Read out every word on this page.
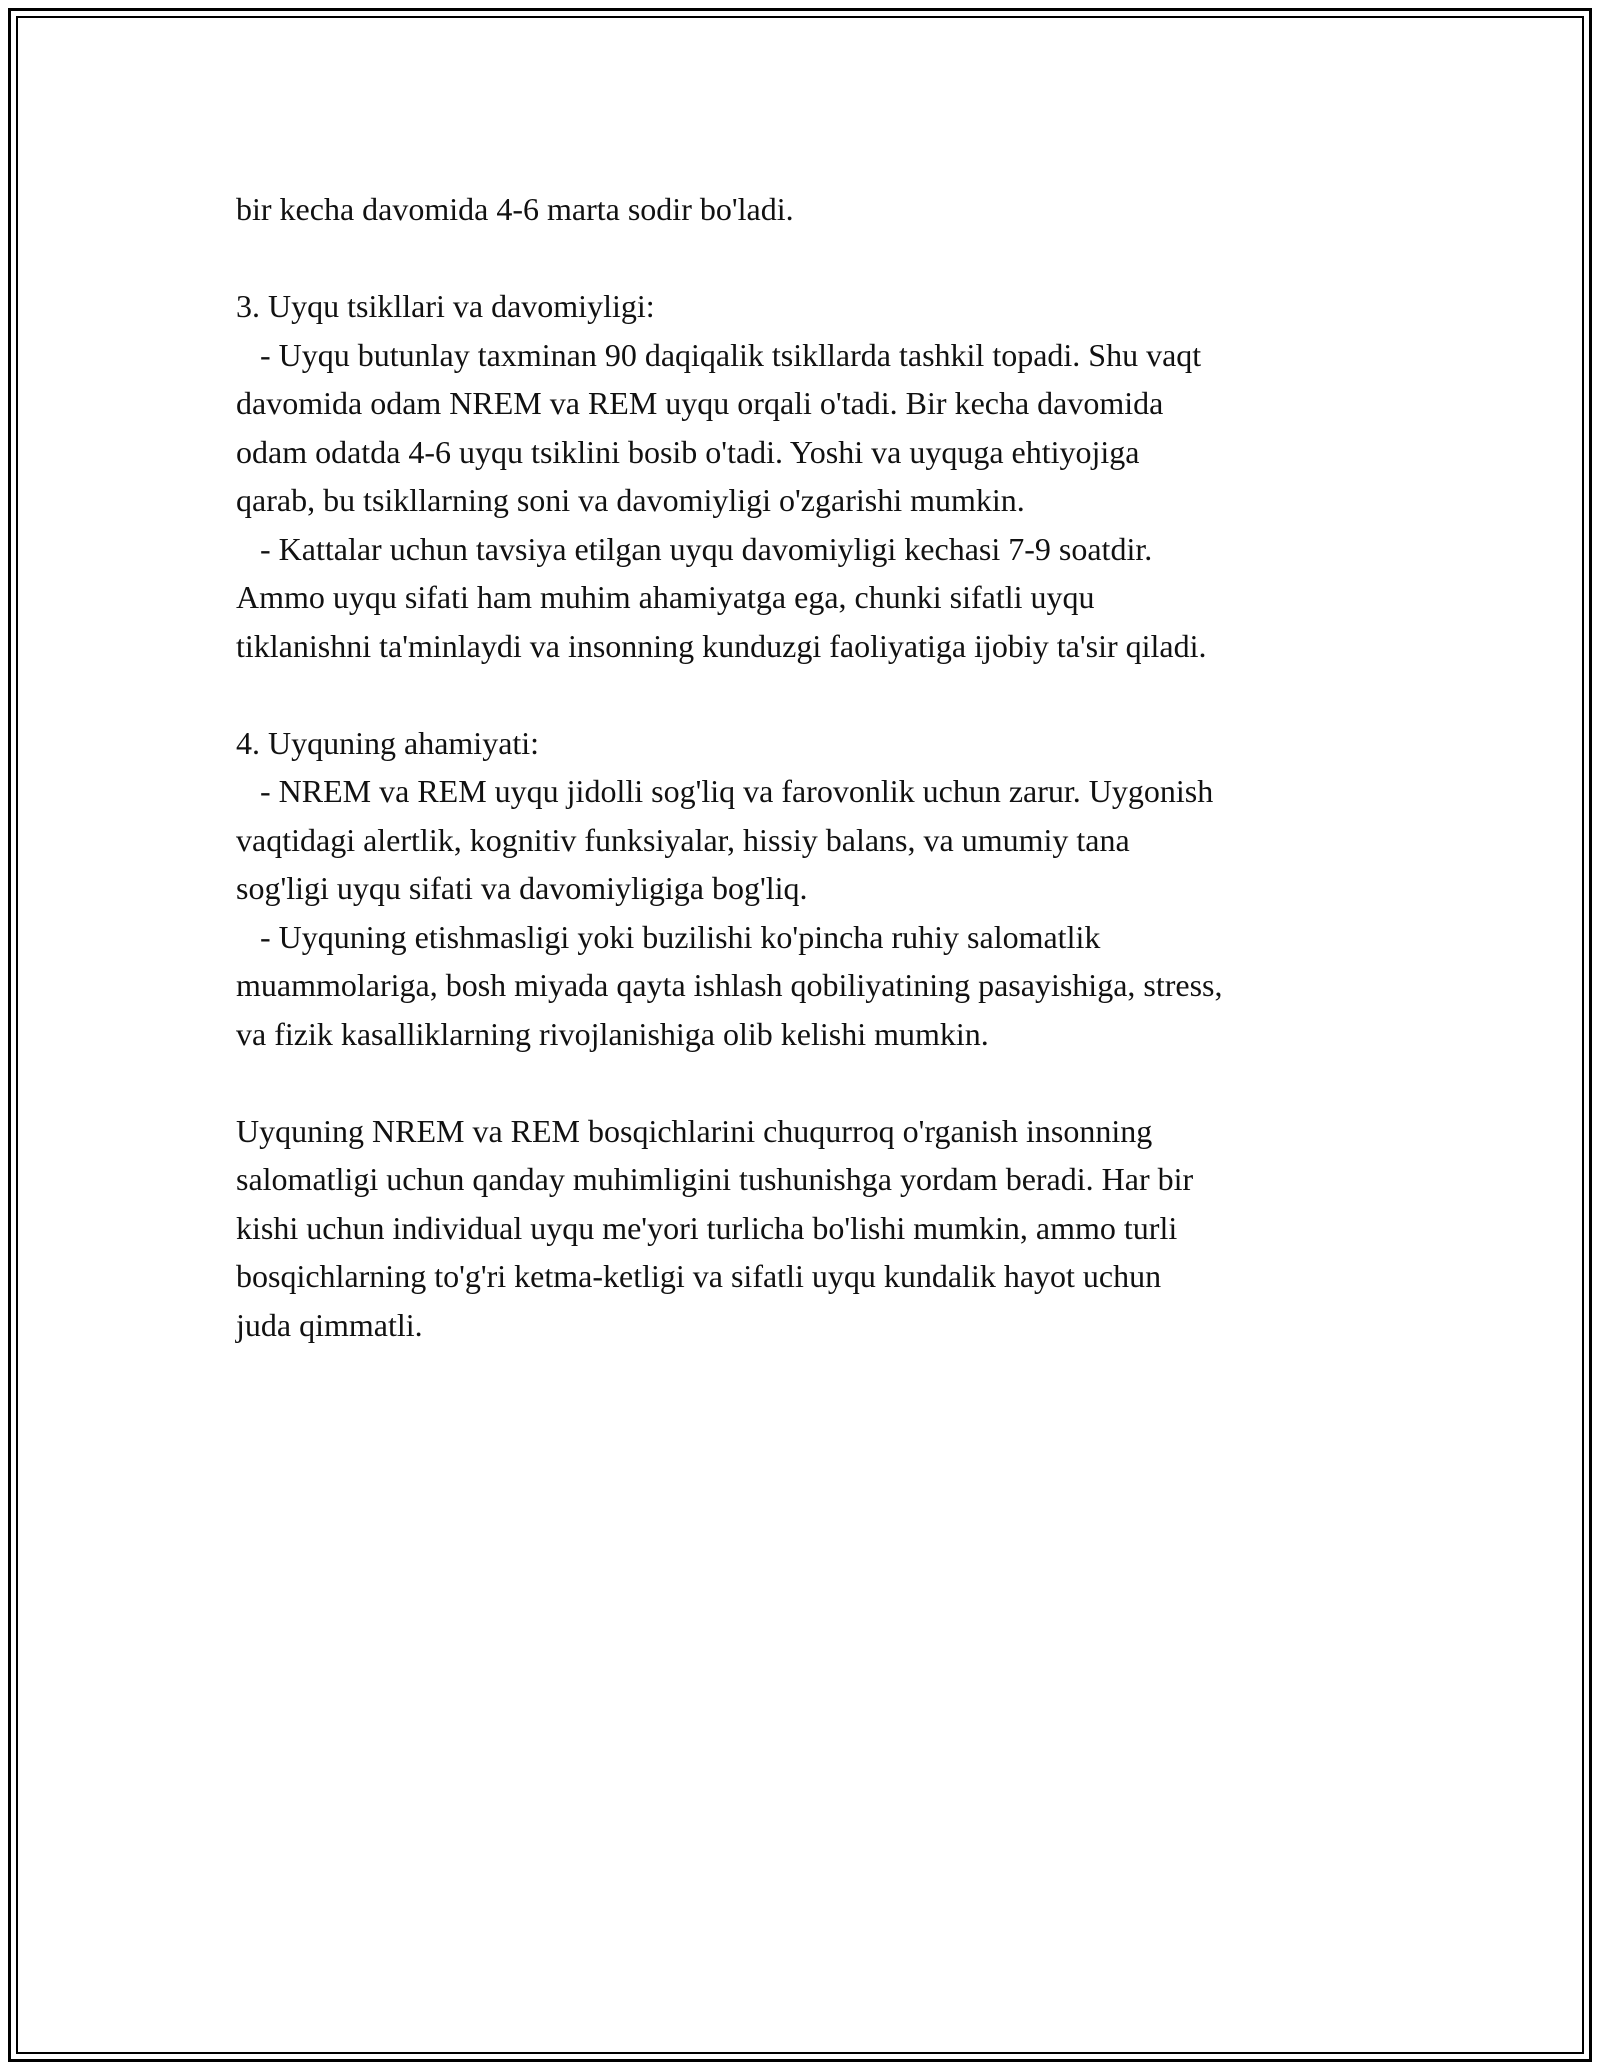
bir kecha davomida 4-6 marta sodir bo'ladi.
3. Uyqu tsikllari va davomiyligi:
- Uyqu butunlay taxminan 90 daqiqalik tsikllarda tashkil topadi. Shu vaqt
davomida odam NREM va REM uyqu orqali o'tadi. Bir kecha davomida
odam odatda 4-6 uyqu tsiklini bosib o'tadi. Yoshi va uyquga ehtiyojiga
qarab, bu tsikllarning soni va davomiyligi o'zgarishi mumkin.
- Kattalar uchun tavsiya etilgan uyqu davomiyligi kechasi 7-9 soatdir.
Ammo uyqu sifati ham muhim ahamiyatga ega, chunki sifatli uyqu
tiklanishni ta'minlaydi va insonning kunduzgi faoliyatiga ijobiy ta'sir qiladi.
4. Uyquning ahamiyati:
- NREM va REM uyqu jidolli sog'liq va farovonlik uchun zarur. Uygonish
vaqtidagi alertlik, kognitiv funksiyalar, hissiy balans, va umumiy tana
sog'ligi uyqu sifati va davomiyligiga bog'liq.
- Uyquning etishmasligi yoki buzilishi ko'pincha ruhiy salomatlik
muammolariga, bosh miyada qayta ishlash qobiliyatining pasayishiga, stress,
va fizik kasalliklarning rivojlanishiga olib kelishi mumkin.
Uyquning NREM va REM bosqichlarini chuqurroq o'rganish insonning
salomatligi uchun qanday muhimligini tushunishga yordam beradi. Har bir
kishi uchun individual uyqu me'yori turlicha bo'lishi mumkin, ammo turli
bosqichlarning to'g'ri ketma-ketligi va sifatli uyqu kundalik hayot uchun
juda qimmatli.
